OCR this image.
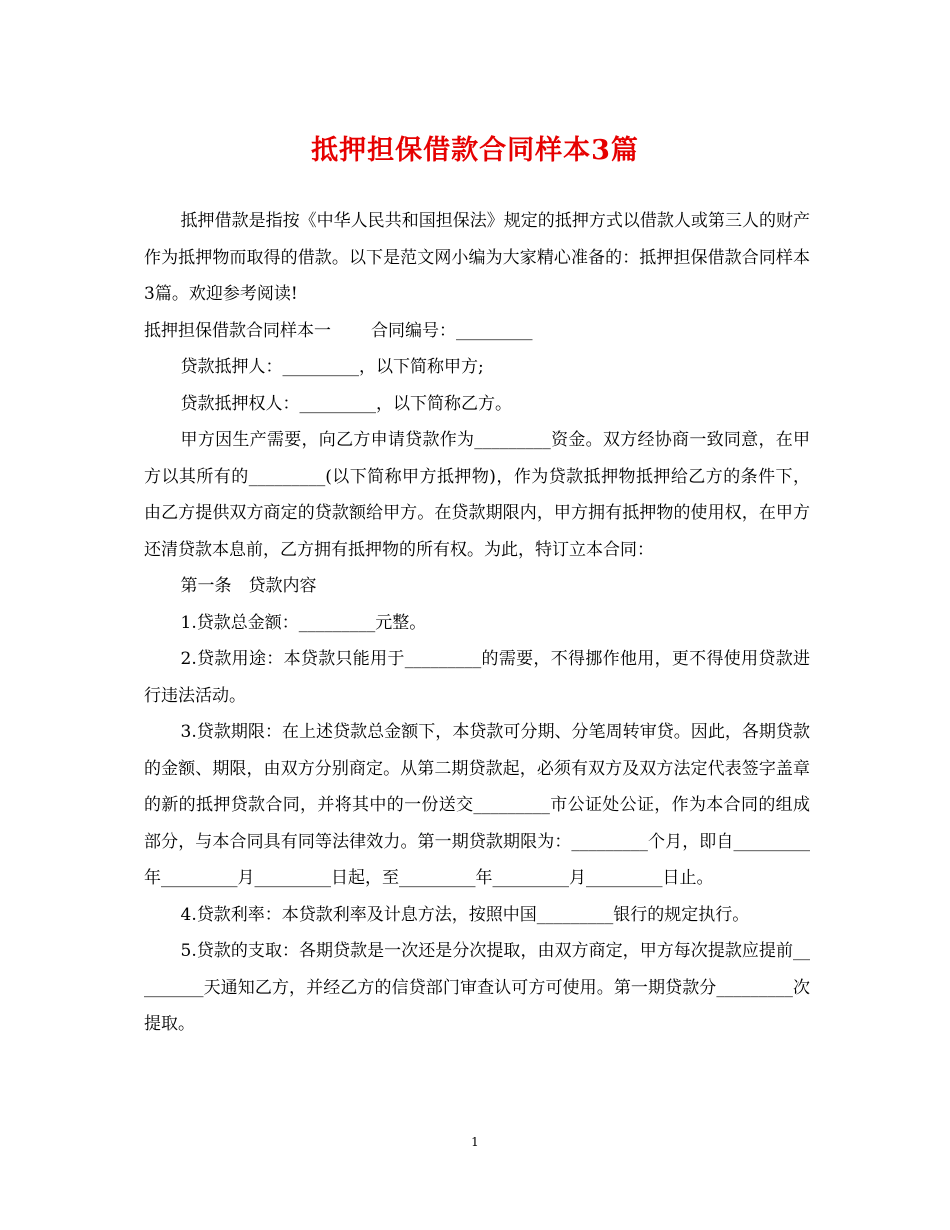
抵押担保借款合同样本3篇

抵押借款是指按《中华人民共和国担保法》规定的抵押方式以借款人或第三人的财产作为抵押物而取得的借款。以下是范文网小编为大家精心准备的：抵押担保借款合同样本3篇。欢迎参考阅读!

抵押担保借款合同样本一 合同编号：_________

贷款抵押人：_________，以下简称甲方;

贷款抵押权人：_________，以下简称乙方。

甲方因生产需要，向乙方申请贷款作为_________资金。双方经协商一致同意，在甲方以其所有的_________(以下简称甲方抵押物)，作为贷款抵押物抵押给乙方的条件下，由乙方提供双方商定的贷款额给甲方。在贷款期限内，甲方拥有抵押物的使用权，在甲方还清贷款本息前，乙方拥有抵押物的所有权。为此，特订立本合同：

第一条　贷款内容

1.贷款总金额：_________元整。

2.贷款用途：本贷款只能用于_________的需要，不得挪作他用，更不得使用贷款进行违法活动。

3.贷款期限：在上述贷款总金额下，本贷款可分期、分笔周转审贷。因此，各期贷款的金额、期限，由双方分别商定。从第二期贷款起，必须有双方及双方法定代表签字盖章的新的抵押贷款合同，并将其中的一份送交_________市公证处公证，作为本合同的组成部分，与本合同具有同等法律效力。第一期贷款期限为：_________个月，即自_________年_________月_________日起，至_________年_________月_________日止。

4.贷款利率：本贷款利率及计息方法，按照中国_________银行的规定执行。

5.贷款的支取：各期贷款是一次还是分次提取，由双方商定，甲方每次提款应提前_________天通知乙方，并经乙方的信贷部门审查认可方可使用。第一期贷款分_________次提取。

1
